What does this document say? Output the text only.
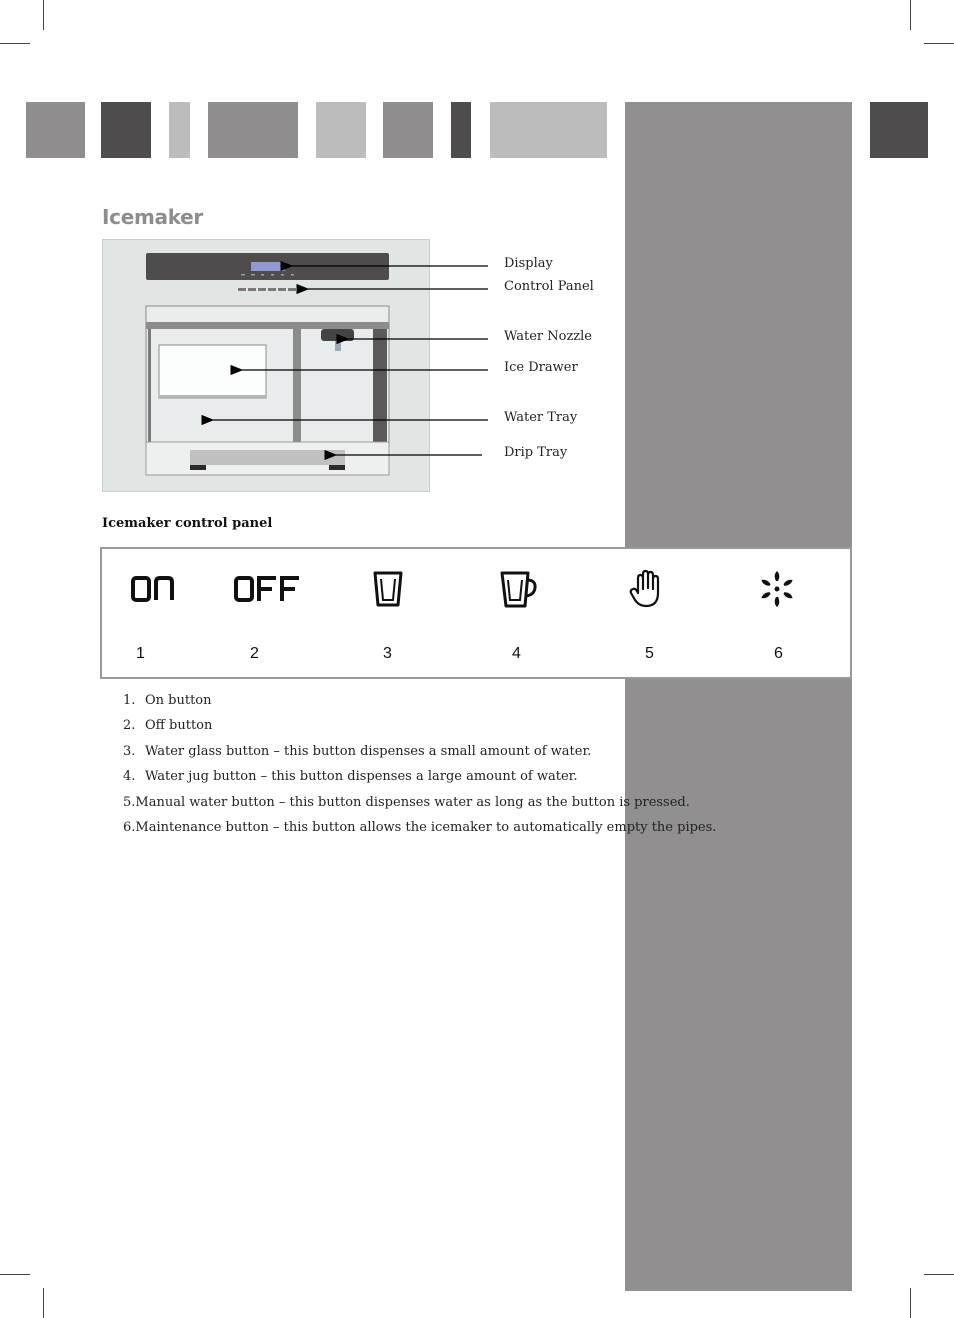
Icemaker
Display
Control Panel
Water Nozzle
Ice Drawer
Water Tray
Drip Tray
Icemaker control panel
1	2	3	4	5	6
1. On button
2. Off button
3. Water glass button – this button dispenses a small amount of water.
4. Water jug button – this button dispenses a large amount of water.
5. Manual water button – this button dispenses water as long as the button is pressed.
6. Maintenance button – this button allows the icemaker to automatically empty the pipes.
